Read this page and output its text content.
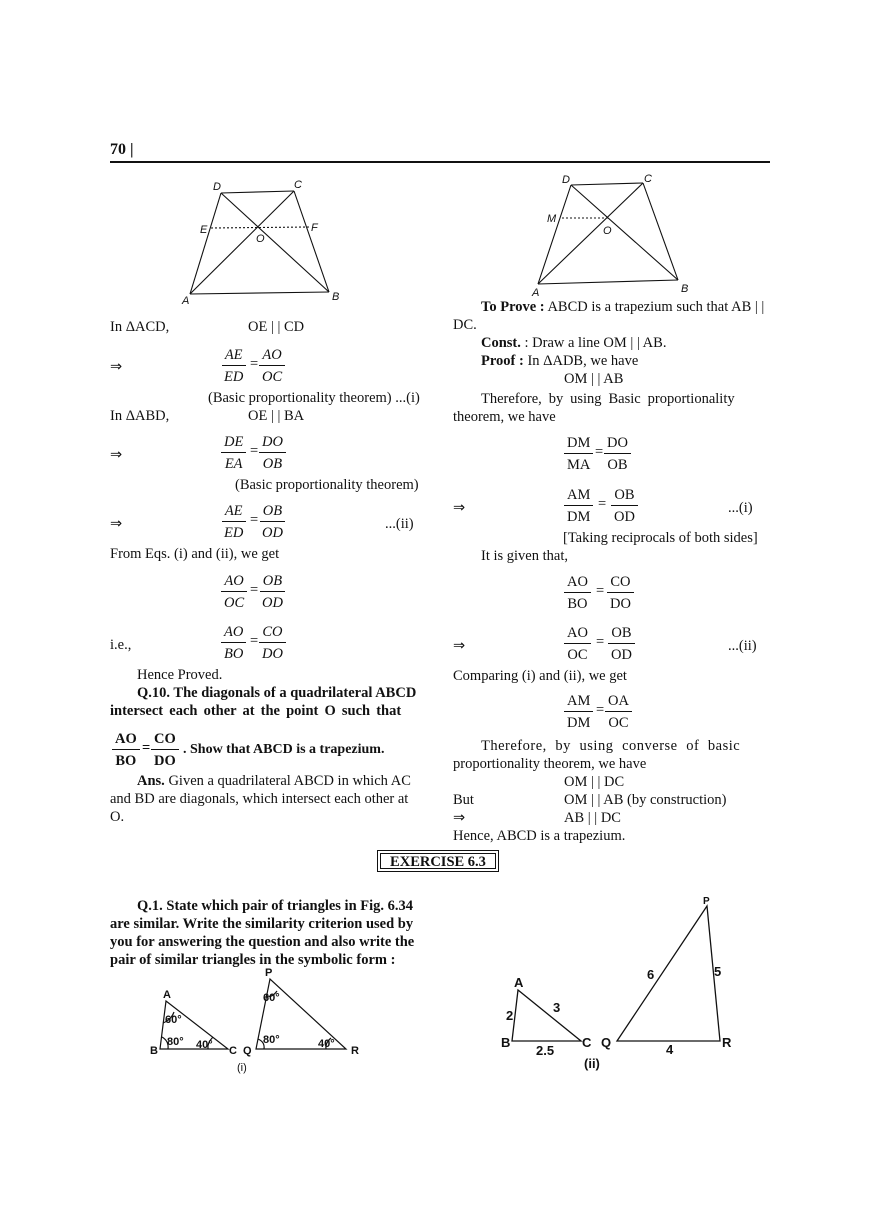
70 |
A	B
C
D
E	F
O
A	B
C
D
M
O
In ΔACD,	OE | | CD
⇒	$\frac{AE}{ED} = \frac{AO}{OC}$
(Basic proportionality theorem) ...(i)
In ΔABD,	OE | | BA
⇒	$\frac{DE}{EA} = \frac{DO}{OB}$
(Basic proportionality theorem)
⇒	$\frac{AE}{ED} = \frac{OB}{OD}$	...(ii)
From Eqs. (i) and (ii), we get
$\frac{AO}{OC} = \frac{OB}{OD}$
i.e.,	$\frac{AO}{BO} = \frac{CO}{DO}$
Hence Proved.
Q.10. The diagonals of a quadrilateral ABCD
intersect each other at the point O such that
$\frac{AO}{BO} = \frac{CO}{DO}$ . Show that ABCD is a trapezium.
Ans. Given a quadrilateral ABCD in which AC
and BD are diagonals, which intersect each other at
O.
To Prove : ABCD is a trapezium such that AB | |
DC.
Const. : Draw a line OM | | AB.
Proof : In ΔADB, we have
OM | | AB
Therefore, by using Basic proportionality
theorem, we have
$\frac{DM}{MA} = \frac{DO}{OB}$
⇒	$\frac{AM}{DM} = \frac{OB}{OD}$	...(i)
[Taking reciprocals of both sides]
It is given that,
$\frac{AO}{BO} = \frac{CO}{DO}$
⇒	$\frac{AO}{OC} = \frac{OB}{OD}$	...(ii)
Comparing (i) and (ii), we get
$\frac{AM}{DM} = \frac{OA}{OC}$
Therefore, by using converse of basic
proportionality theorem, we have
OM | | DC
But	OM | | AB (by construction)
⇒	AB | | DC
Hence, ABCD is a trapezium.
EXERCISE 6.3
Q.1. State which pair of triangles in Fig. 6.34
are similar. Write the similarity criterion used by
you for answering the question and also write the
pair of similar triangles in the symbolic form :
A
B	C
60°
80° 40°
P
Q	R
60°
80°	40°
(i)
A
B	C
2
3
2.5
P
Q	R
6	5
4
(ii)
